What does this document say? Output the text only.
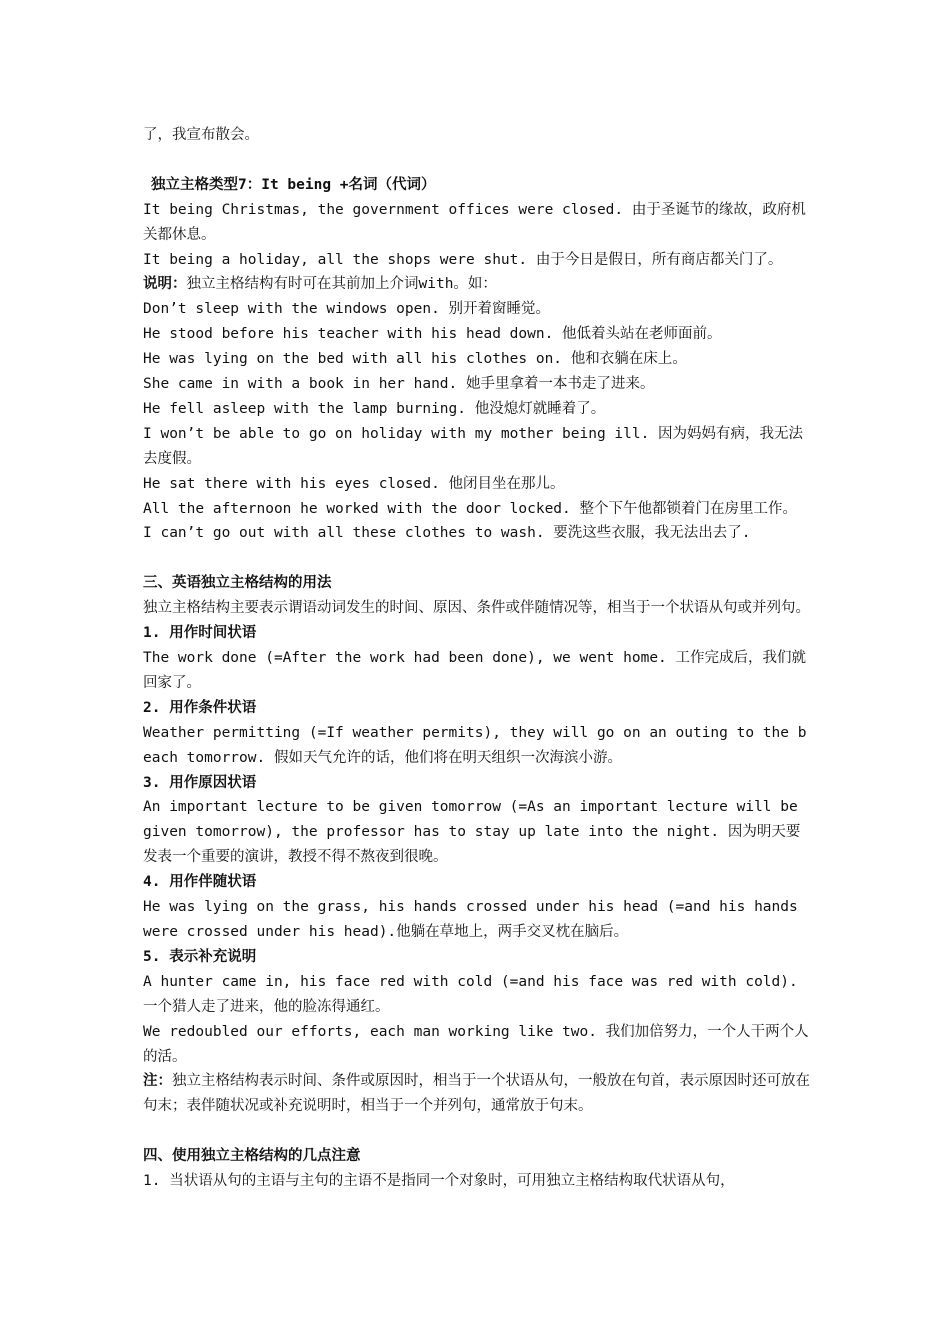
了，我宣布散会。
独立主格类型7：It being +名词（代词）
It being Christmas, the government offices were closed. 由于圣诞节的缘故，政府机关都休息。
It being a holiday, all the shops were shut. 由于今日是假日，所有商店都关门了。
说明：独立主格结构有时可在其前加上介词with。如：
Don’t sleep with the windows open. 别开着窗睡觉。
He stood before his teacher with his head down. 他低着头站在老师面前。
He was lying on the bed with all his clothes on. 他和衣躺在床上。
She came in with a book in her hand. 她手里拿着一本书走了进来。
He fell asleep with the lamp burning. 他没熄灯就睡着了。
I won’t be able to go on holiday with my mother being ill. 因为妈妈有病，我无法去度假。
He sat there with his eyes closed. 他闭目坐在那儿。
All the afternoon he worked with the door locked. 整个下午他都锁着门在房里工作。
I can’t go out with all these clothes to wash. 要洗这些衣服，我无法出去了.
三、英语独立主格结构的用法
独立主格结构主要表示谓语动词发生的时间、原因、条件或伴随情况等，相当于一个状语从句或并列句。
1. 用作时间状语
The work done (=After the work had been done), we went home. 工作完成后，我们就回家了。
2. 用作条件状语
Weather permitting (=If weather permits), they will go on an outing to the beach tomorrow. 假如天气允许的话，他们将在明天组织一次海滨小游。
3. 用作原因状语
An important lecture to be given tomorrow (=As an important lecture will be given tomorrow), the professor has to stay up late into the night. 因为明天要发表一个重要的演讲，教授不得不熬夜到很晚。
4. 用作伴随状语
He was lying on the grass, his hands crossed under his head (=and his hands were crossed under his head).他躺在草地上，两手交叉枕在脑后。
5. 表示补充说明
A hunter came in, his face red with cold (=and his face was red with cold). 一个猎人走了进来，他的脸冻得通红。
We redoubled our efforts, each man working like two. 我们加倍努力，一个人干两个人的活。
注：独立主格结构表示时间、条件或原因时，相当于一个状语从句，一般放在句首，表示原因时还可放在句末；表伴随状况或补充说明时，相当于一个并列句，通常放于句末。
四、使用独立主格结构的几点注意
1. 当状语从句的主语与主句的主语不是指同一个对象时，可用独立主格结构取代状语从句，
